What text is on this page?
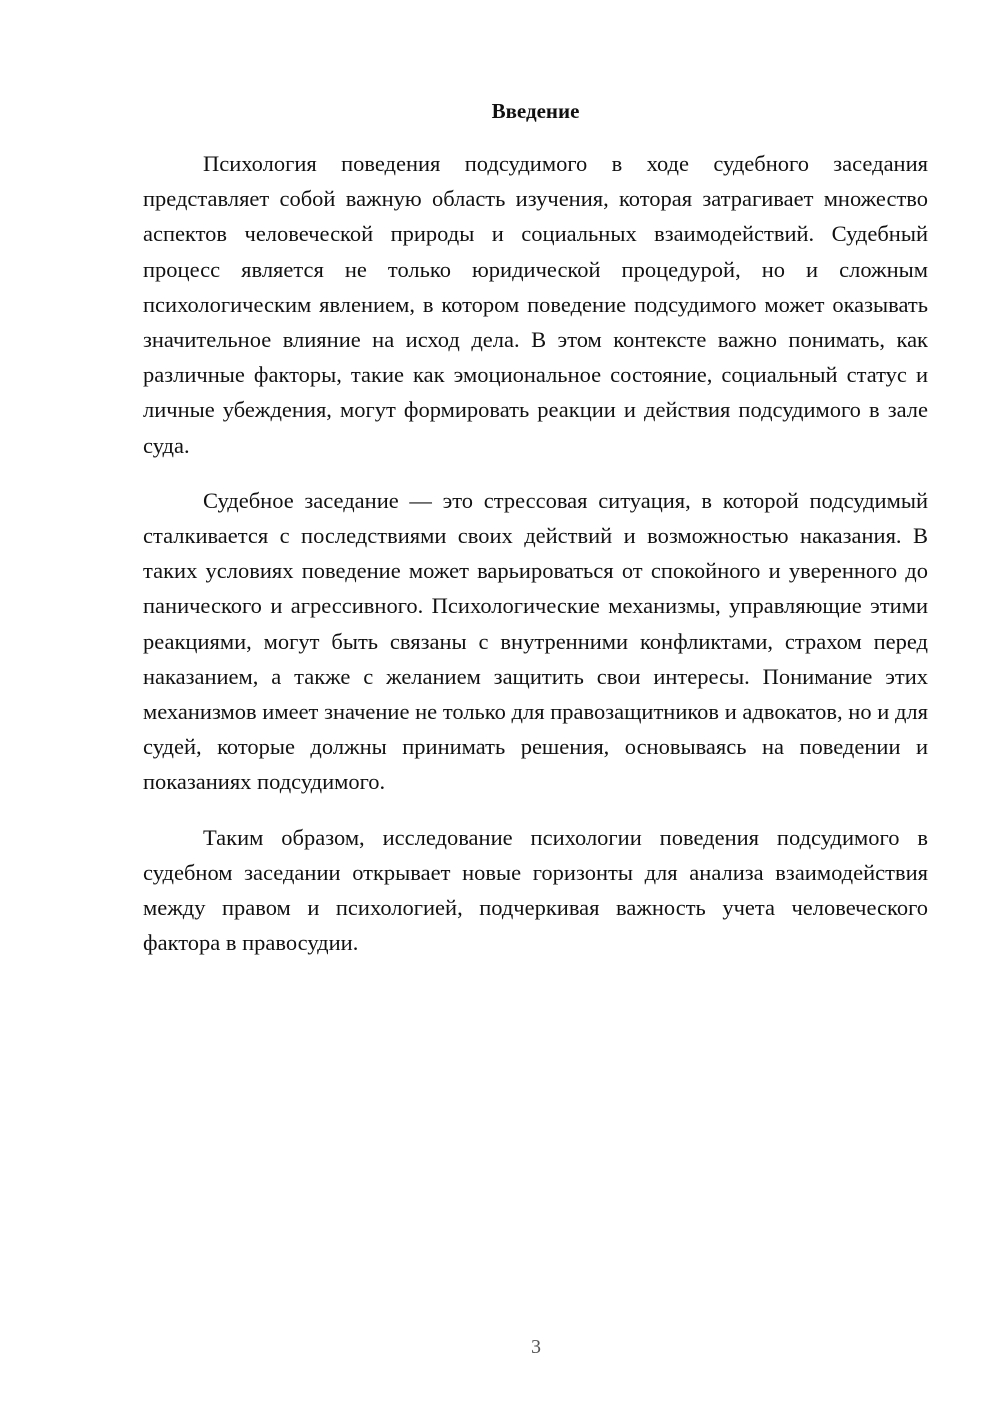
Введение

Психология поведения подсудимого в ходе судебного заседания представляет собой важную область изучения, которая затрагивает множество аспектов человеческой природы и социальных взаимодействий. Судебный процесс является не только юридической процедурой, но и сложным психологическим явлением, в котором поведение подсудимого может оказывать значительное влияние на исход дела. В этом контексте важно понимать, как различные факторы, такие как эмоциональное состояние, социальный статус и личные убеждения, могут формировать реакции и действия подсудимого в зале суда.

Судебное заседание — это стрессовая ситуация, в которой подсудимый сталкивается с последствиями своих действий и возможностью наказания. В таких условиях поведение может варьироваться от спокойного и уверенного до панического и агрессивного. Психологические механизмы, управляющие этими реакциями, могут быть связаны с внутренними конфликтами, страхом перед наказанием, а также с желанием защитить свои интересы. Понимание этих механизмов имеет значение не только для правозащитников и адвокатов, но и для судей, которые должны принимать решения, основываясь на поведении и показаниях подсудимого.

Таким образом, исследование психологии поведения подсудимого в судебном заседании открывает новые горизонты для анализа взаимодействия между правом и психологией, подчеркивая важность учета человеческого фактора в правосудии.

3
